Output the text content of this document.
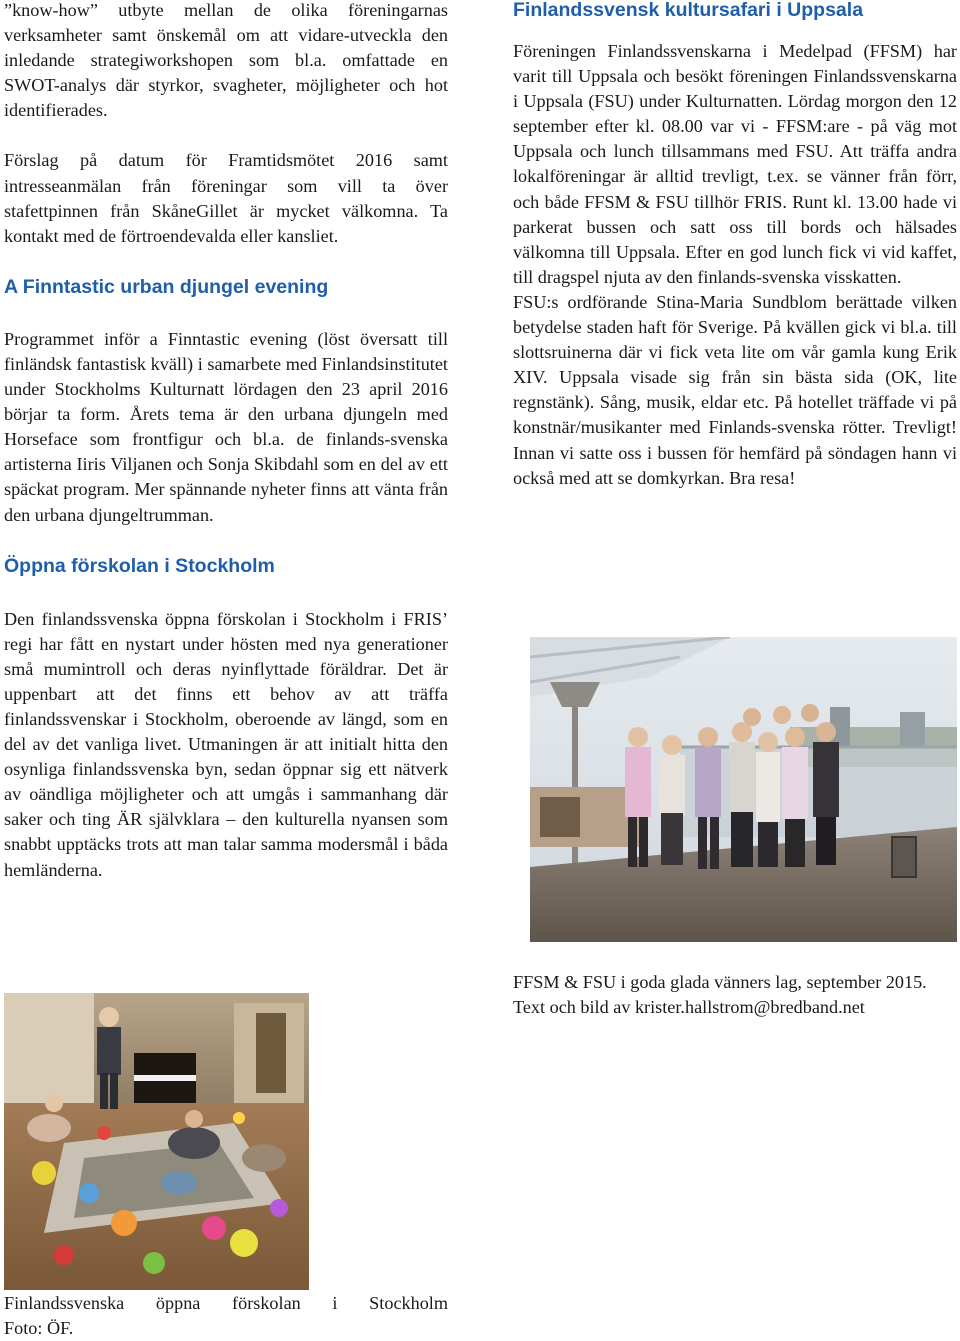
”know-how” utbyte mellan de olika föreningarnas verksamheter samt önskemål om att vidare-utveckla den inledande strategiworkshopen som bl.a. omfattade en SWOT-analys där styrkor, svagheter, möjligheter och hot identifierades.

Förslag på datum för Framtidsmötet 2016 samt intresseanmälan från föreningar som vill ta över stafettpinnen från SkåneGillet är mycket välkomna. Ta kontakt med de förtroendevalda eller kansliet.

A Finntastic urban djungel evening

Programmet inför a Finntastic evening (löst översatt till finländsk fantastisk kväll) i samarbete med Finlandsinstitutet under Stockholms Kulturnatt lördagen den 23 april 2016 börjar ta form. Årets tema är den urbana djungeln med Horseface som frontfigur och bl.a. de finlands-svenska artisterna Iiris Viljanen och Sonja Skibdahl som en del av ett späckat program. Mer spännande nyheter finns att vänta från den urbana djungeltrumman.

Öppna förskolan i Stockholm

Den finlandssvenska öppna förskolan i Stockholm i FRIS’ regi har fått en nystart under hösten med nya generationer små mumintroll och deras nyinflyttade föräldrar. Det är uppenbart att det finns ett behov av att träffa finlandssvenskar i Stockholm, oberoende av längd, som en del av det vanliga livet. Utmaningen är att initialt hitta den osynliga finlandssvenska byn, sedan öppnar sig ett nätverk av oändliga möjligheter och att umgås i sammanhang där saker och ting ÄR självklara – den kulturella nyansen som snabbt upptäcks trots att man talar samma modersmål i båda hemländerna.

Finlandssvenska öppna förskolan i Stockholm
Foto: ÖF.
Finlandssvensk kultursafari i Uppsala

Föreningen Finlandssvenskarna i Medelpad (FFSM) har varit till Uppsala och besökt föreningen Finlandssvenskarna i Uppsala (FSU) under Kulturnatten. Lördag morgon den 12 september efter kl. 08.00 var vi - FFSM:are - på väg mot Uppsala och lunch tillsammans med FSU. Att träffa andra lokalföreningar är alltid trevligt, t.ex. se vänner från förr, och både FFSM & FSU tillhör FRIS. Runt kl. 13.00 hade vi parkerat bussen och satt oss till bords och hälsades välkomna till Uppsala. Efter en god lunch fick vi vid kaffet, till dragspel njuta av den finlands-svenska visskatten.

FSU:s ordförande Stina-Maria Sundblom berättade vilken betydelse staden haft för Sverige. På kvällen gick vi bl.a. till slottsruinerna där vi fick veta lite om vår gamla kung Erik XIV. Uppsala visade sig från sin bästa sida (OK, lite regnstänk). Sång, musik, eldar etc. På hotellet träffade vi på konstnär/musikanter med Finlands-svenska rötter. Trevligt! Innan vi satte oss i bussen för hemfärd på söndagen hann vi också med att se domkyrkan. Bra resa!

FFSM & FSU i goda glada vänners lag, september 2015.
Text och bild av krister.hallstrom@bredband.net
